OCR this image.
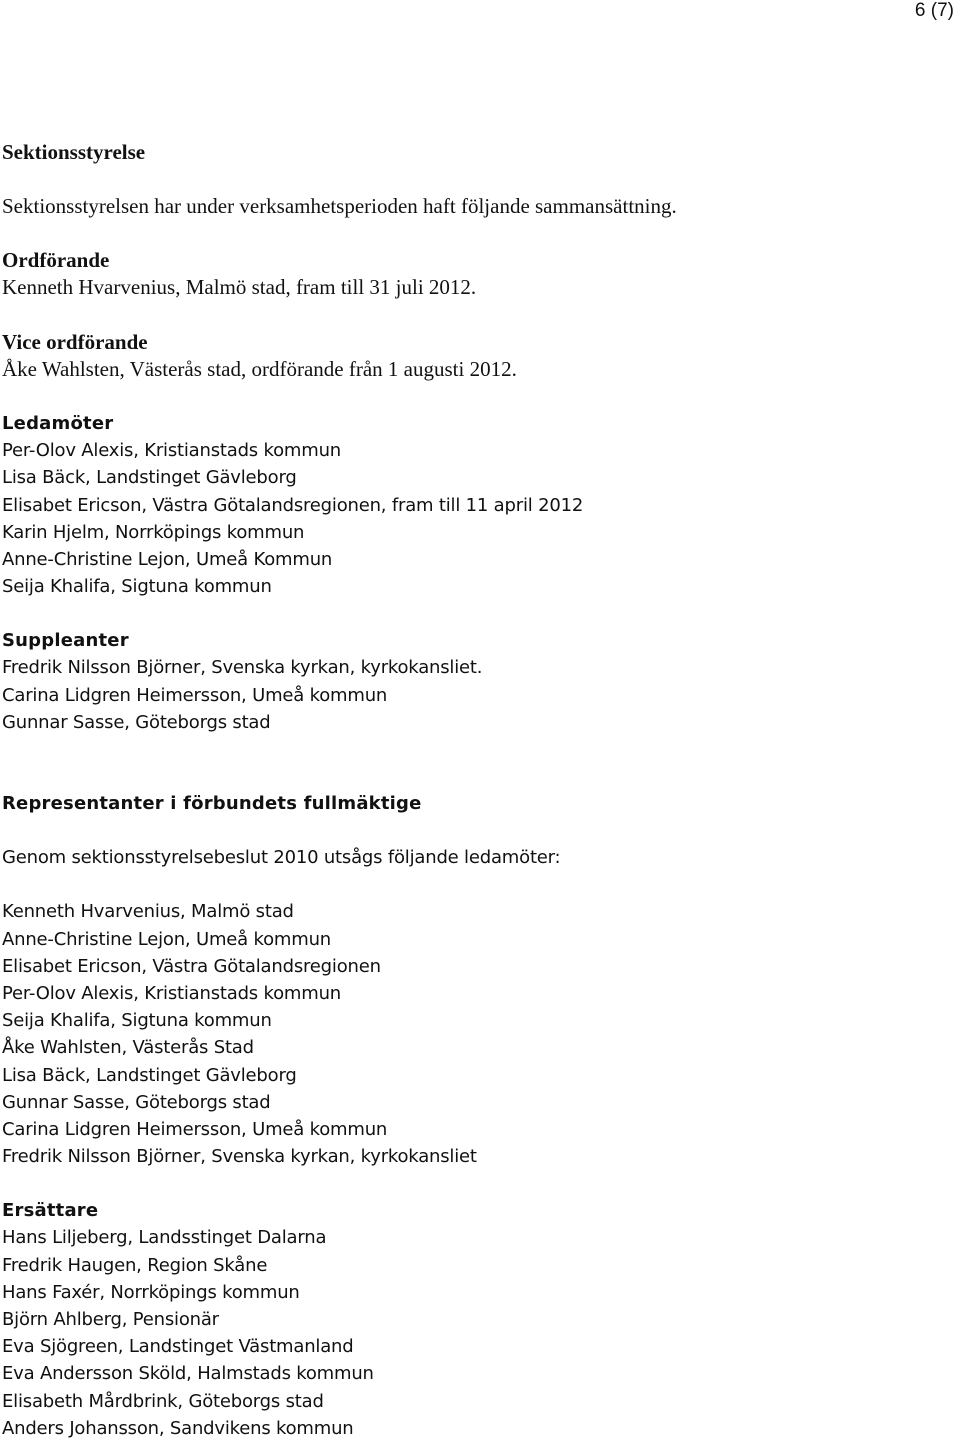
6 (7)
Sektionsstyrelse
Sektionsstyrelsen har under verksamhetsperioden haft följande sammansättning.
Ordförande
Kenneth Hvarvenius, Malmö stad, fram till 31 juli 2012.
Vice ordförande
Åke Wahlsten, Västerås stad, ordförande från 1 augusti 2012.
Ledamöter
Per-Olov Alexis, Kristianstads kommun
Lisa Bäck, Landstinget Gävleborg
Elisabet Ericson, Västra Götalandsregionen, fram till 11 april 2012
Karin Hjelm, Norrköpings kommun
Anne-Christine Lejon, Umeå Kommun
Seija Khalifa, Sigtuna kommun
Suppleanter
Fredrik Nilsson Björner, Svenska kyrkan, kyrkokansliet.
Carina Lidgren Heimersson, Umeå kommun
Gunnar Sasse, Göteborgs stad
Representanter i förbundets fullmäktige
Genom sektionsstyrelsebeslut 2010 utsågs följande ledamöter:
Kenneth Hvarvenius, Malmö stad
Anne-Christine Lejon, Umeå kommun
Elisabet Ericson, Västra Götalandsregionen
Per-Olov Alexis, Kristianstads kommun
Seija Khalifa, Sigtuna kommun
Åke Wahlsten, Västerås Stad
Lisa Bäck, Landstinget Gävleborg
Gunnar Sasse, Göteborgs stad
Carina Lidgren Heimersson, Umeå kommun
Fredrik Nilsson Björner, Svenska kyrkan, kyrkokansliet
Ersättare
Hans Liljeberg, Landsstinget Dalarna
Fredrik Haugen, Region Skåne
Hans Faxér, Norrköpings kommun
Björn Ahlberg, Pensionär
Eva Sjögreen, Landstinget Västmanland
Eva Andersson Sköld, Halmstads kommun
Elisabeth Mårdbrink, Göteborgs stad
Anders Johansson, Sandvikens kommun
